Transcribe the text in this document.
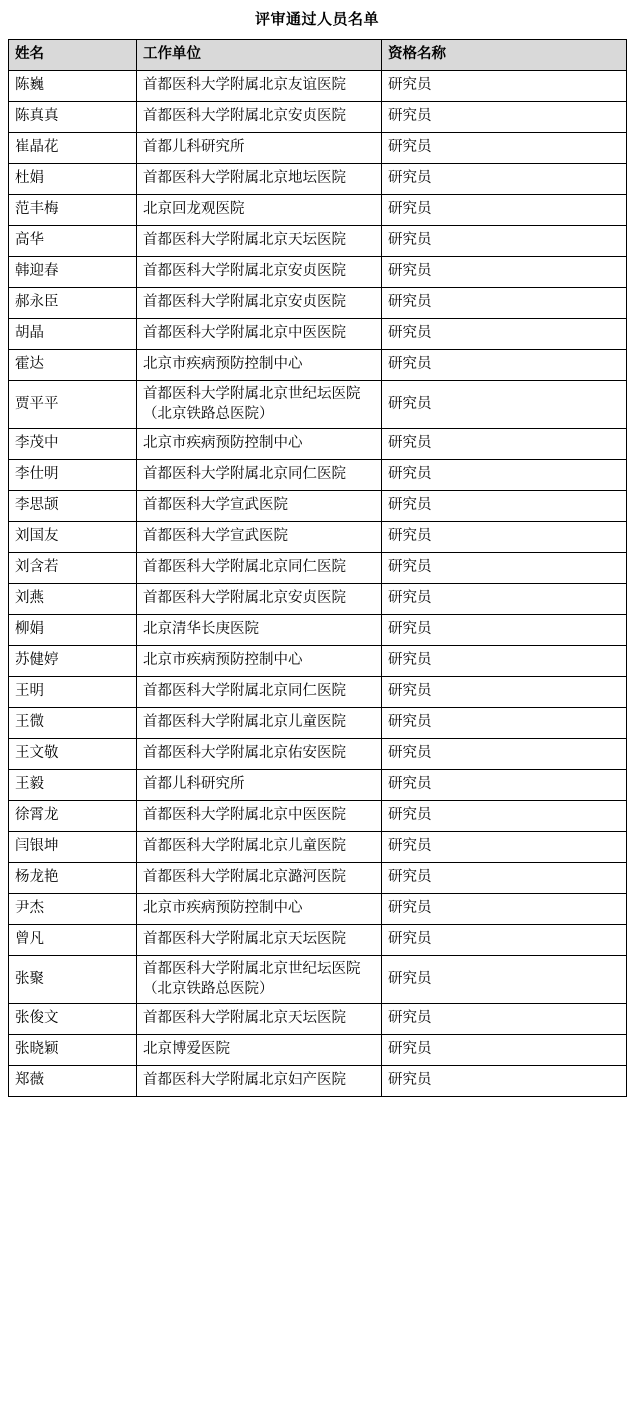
评审通过人员名单
姓名	工作单位	资格名称
陈巍	首都医科大学附属北京友谊医院	研究员
陈真真	首都医科大学附属北京安贞医院	研究员
崔晶花	首都儿科研究所	研究员
杜娟	首都医科大学附属北京地坛医院	研究员
范丰梅	北京回龙观医院	研究员
高华	首都医科大学附属北京天坛医院	研究员
韩迎春	首都医科大学附属北京安贞医院	研究员
郝永臣	首都医科大学附属北京安贞医院	研究员
胡晶	首都医科大学附属北京中医医院	研究员
霍达	北京市疾病预防控制中心	研究员
贾平平	首都医科大学附属北京世纪坛医院（北京铁路总医院）	研究员
李茂中	北京市疾病预防控制中心	研究员
李仕明	首都医科大学附属北京同仁医院	研究员
李思颉	首都医科大学宣武医院	研究员
刘国友	首都医科大学宣武医院	研究员
刘含若	首都医科大学附属北京同仁医院	研究员
刘燕	首都医科大学附属北京安贞医院	研究员
柳娟	北京清华长庚医院	研究员
苏健婷	北京市疾病预防控制中心	研究员
王明	首都医科大学附属北京同仁医院	研究员
王微	首都医科大学附属北京儿童医院	研究员
王文敬	首都医科大学附属北京佑安医院	研究员
王毅	首都儿科研究所	研究员
徐霄龙	首都医科大学附属北京中医医院	研究员
闫银坤	首都医科大学附属北京儿童医院	研究员
杨龙艳	首都医科大学附属北京潞河医院	研究员
尹杰	北京市疾病预防控制中心	研究员
曾凡	首都医科大学附属北京天坛医院	研究员
张聚	首都医科大学附属北京世纪坛医院（北京铁路总医院）	研究员
张俊文	首都医科大学附属北京天坛医院	研究员
张晓颖	北京博爱医院	研究员
郑薇	首都医科大学附属北京妇产医院	研究员
